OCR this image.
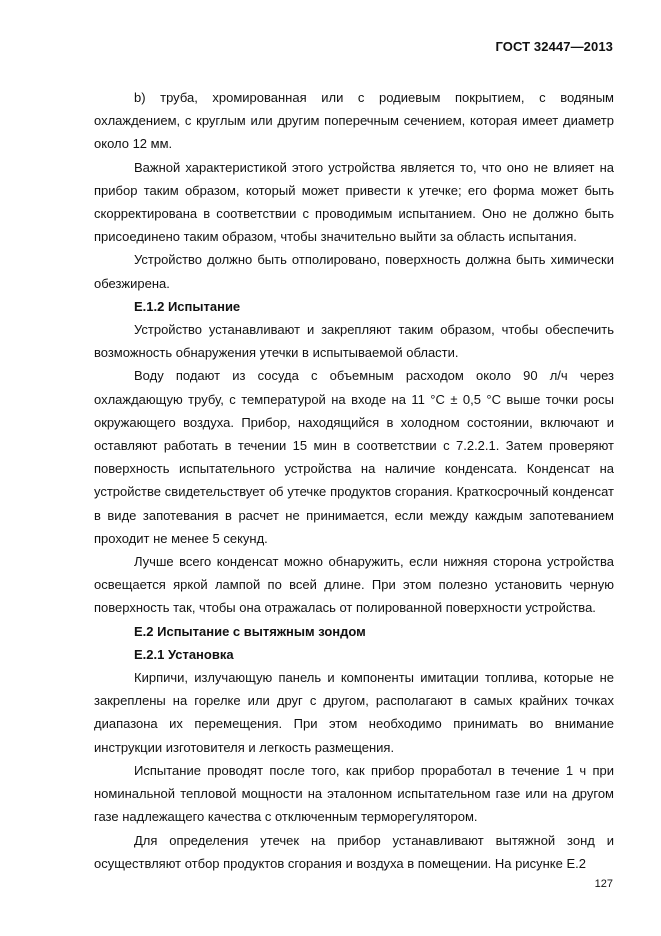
ГОСТ 32447—2013

b) труба, хромированная или с родиевым покрытием, с водяным охлаждением, с круглым или другим поперечным сечением, которая имеет диаметр около 12 мм.

Важной характеристикой этого устройства является то, что оно не влияет на прибор таким образом, который может привести к утечке; его форма может быть скорректирована в соответствии с проводимым испытанием. Оно не должно быть присоединено таким образом, чтобы значительно выйти за область испытания.

Устройство должно быть отполировано, поверхность должна быть химически обезжирена.

Е.1.2 Испытание

Устройство устанавливают и закрепляют таким образом, чтобы обеспечить возможность обнаружения утечки в испытываемой области.

Воду подают из сосуда с объемным расходом около 90 л/ч через охлаждающую трубу, с температурой на входе на 11 °С ± 0,5 °С выше точки росы окружающего воздуха. Прибор, находящийся в холодном состоянии, включают и оставляют работать в течении 15 мин в соответствии с 7.2.2.1. Затем проверяют поверхность испытательного устройства на наличие конденсата. Конденсат на устройстве свидетельствует об утечке продуктов сгорания. Краткосрочный конденсат в виде запотевания в расчет не принимается, если между каждым запотеванием проходит не менее 5 секунд.

Лучше всего конденсат можно обнаружить, если нижняя сторона устройства освещается яркой лампой по всей длине. При этом полезно установить черную поверхность так, чтобы она отражалась от полированной поверхности устройства.

Е.2 Испытание с вытяжным зондом

Е.2.1 Установка

Кирпичи, излучающую панель и компоненты имитации топлива, которые не закреплены на горелке или друг с другом, располагают в самых крайних точках диапазона их перемещения. При этом необходимо принимать во внимание инструкции изготовителя и легкость размещения.

Испытание проводят после того, как прибор проработал в течение 1 ч при номинальной тепловой мощности на эталонном испытательном газе или на другом газе надлежащего качества с отключенным терморегулятором.

Для определения утечек на прибор устанавливают вытяжной зонд и осуществляют отбор продуктов сгорания и воздуха в помещении. На рисунке Е.2

127
